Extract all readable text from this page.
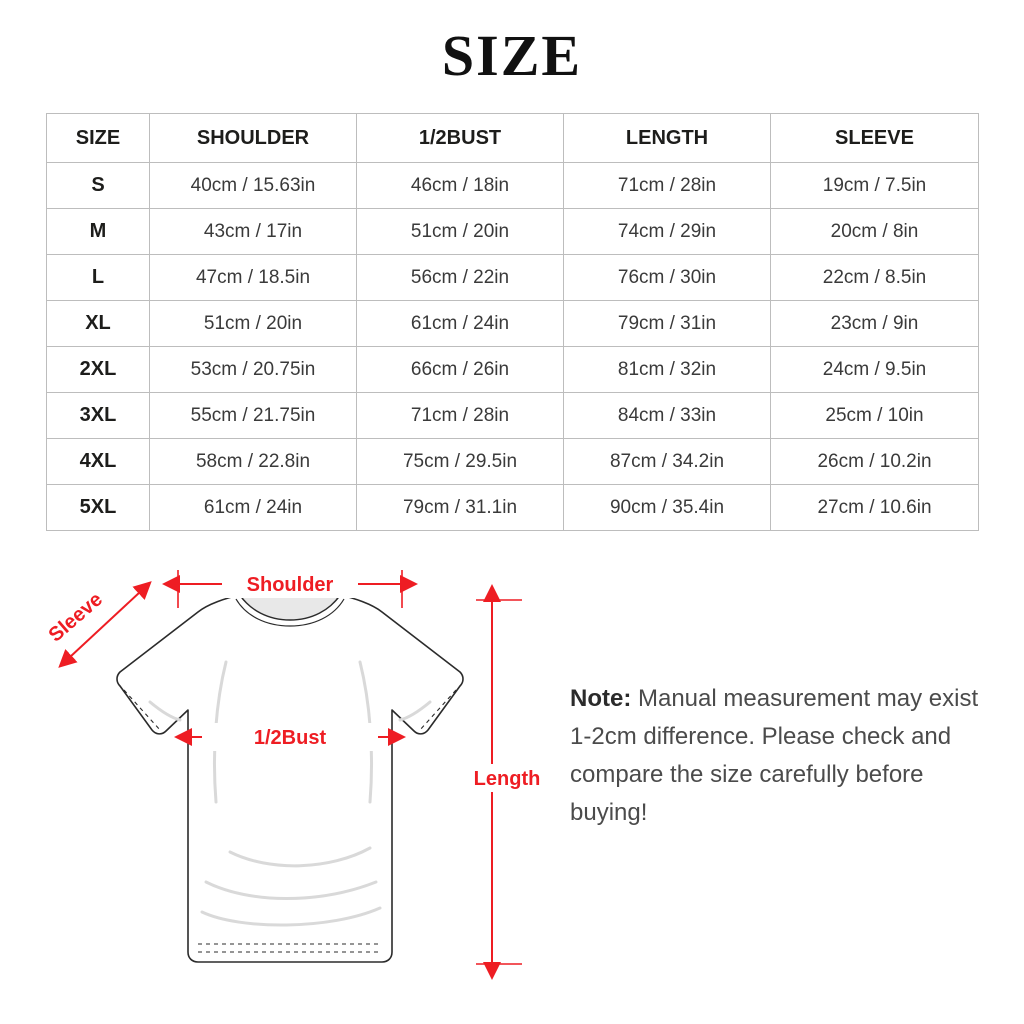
SIZE
SIZE	SHOULDER	1/2BUST	LENGTH	SLEEVE
S	40cm / 15.63in	46cm / 18in	71cm / 28in	19cm / 7.5in
M	43cm / 17in	51cm / 20in	74cm / 29in	20cm / 8in
L	47cm / 18.5in	56cm / 22in	76cm / 30in	22cm / 8.5in
XL	51cm / 20in	61cm / 24in	79cm / 31in	23cm / 9in
2XL	53cm / 20.75in	66cm / 26in	81cm / 32in	24cm / 9.5in
3XL	55cm / 21.75in	71cm / 28in	84cm / 33in	25cm / 10in
4XL	58cm / 22.8in	75cm / 29.5in	87cm / 34.2in	26cm / 10.2in
5XL	61cm / 24in	79cm / 31.1in	90cm / 35.4in	27cm / 10.6in
Shoulder
1/2Bust
Sleeve
Length
Note: Manual measurement may exist 1-2cm difference. Please check and compare the size carefully before buying!
